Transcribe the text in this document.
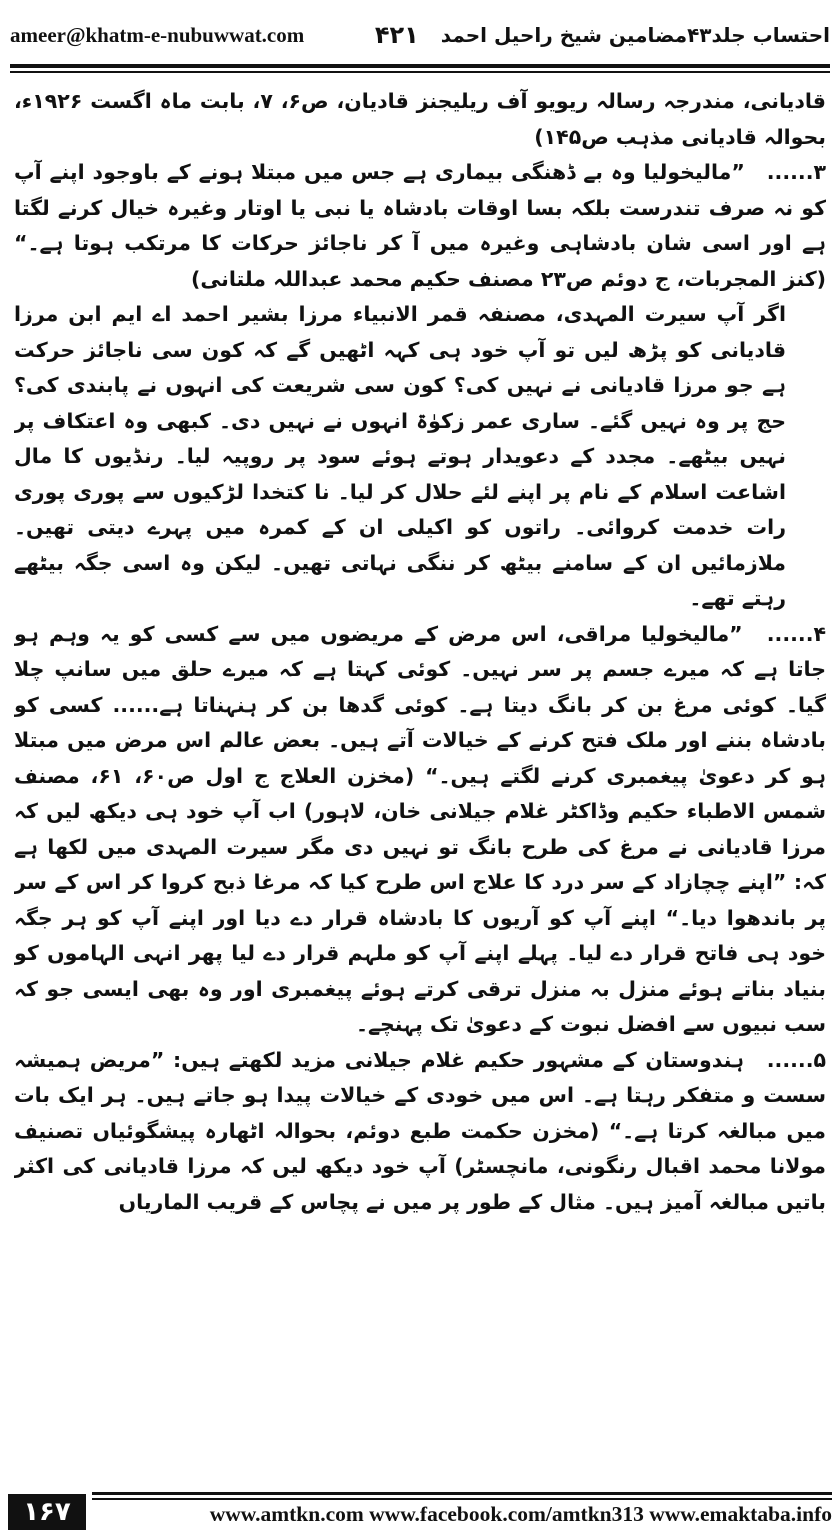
ameer@khatm-e-nubuwwat.com	احتساب جلد۴۳مضامین شیخ راحیل احمد
۴۲۱

قادیانی، مندرجہ رسالہ ریویو آف ریلیجنز قادیان، ص۶، ۷، بابت ماہ اگست ۱۹۲۶ء، بحوالہ قادیانی مذہب ص۱۴۵)

۳...... ”مالیخولیا وہ بے ڈھنگی بیماری ہے جس میں مبتلا ہونے کے باوجود اپنے آپ کو نہ صرف تندرست بلکہ بسا اوقات بادشاہ یا نبی یا اوتار وغیرہ خیال کرنے لگتا ہے اور اسی شان بادشاہی وغیرہ میں آ کر ناجائز حرکات کا مرتکب ہوتا ہے۔“ (کنز المجربات، ج دوئم ص۲۳ مصنف حکیم محمد عبداللہ ملتانی)

اگر آپ سیرت المہدی، مصنفہ قمر الانبیاء مرزا بشیر احمد اے ایم ابن مرزا قادیانی کو پڑھ لیں تو آپ خود ہی کہہ اٹھیں گے کہ کون سی ناجائز حرکت ہے جو مرزا قادیانی نے نہیں کی؟ کون سی شریعت کی انہوں نے پابندی کی؟ حج پر وہ نہیں گئے۔ ساری عمر زکوٰۃ انہوں نے نہیں دی۔ کبھی وہ اعتکاف پر نہیں بیٹھے۔ مجدد کے دعویدار ہوتے ہوئے سود پر روپیہ لیا۔ رنڈیوں کا مال اشاعت اسلام کے نام پر اپنے لئے حلال کر لیا۔ نا کتخدا لڑکیوں سے پوری پوری رات خدمت کروائی۔ راتوں کو اکیلی ان کے کمرہ میں پہرے دیتی تھیں۔ ملازمائیں ان کے سامنے بیٹھ کر ننگی نہاتی تھیں۔ لیکن وہ اسی جگہ بیٹھے رہتے تھے۔

۴...... ”مالیخولیا مراقی، اس مرض کے مریضوں میں سے کسی کو یہ وہم ہو جاتا ہے کہ میرے جسم پر سر نہیں۔ کوئی کہتا ہے کہ میرے حلق میں سانپ چلا گیا۔ کوئی مرغ بن کر بانگ دیتا ہے۔ کوئی گدھا بن کر ہنہناتا ہے...... کسی کو بادشاہ بننے اور ملک فتح کرنے کے خیالات آتے ہیں۔ بعض عالم اس مرض میں مبتلا ہو کر دعویٰ پیغمبری کرنے لگتے ہیں۔“ (مخزن العلاج ج اول ص۶۰، ۶۱، مصنف شمس الاطباء حکیم وڈاکٹر غلام جیلانی خان، لاہور) اب آپ خود ہی دیکھ لیں کہ مرزا قادیانی نے مرغ کی طرح بانگ تو نہیں دی مگر سیرت المہدی میں لکھا ہے کہ: ”اپنے چچازاد کے سر درد کا علاج اس طرح کیا کہ مرغا ذبح کروا کر اس کے سر پر باندھوا دیا۔“ اپنے آپ کو آریوں کا بادشاہ قرار دے دیا اور اپنے آپ کو ہر جگہ خود ہی فاتح قرار دے لیا۔ پہلے اپنے آپ کو ملہم قرار دے لیا پھر انہی الہاموں کو بنیاد بناتے ہوئے منزل بہ منزل ترقی کرتے ہوئے پیغمبری اور وہ بھی ایسی جو کہ سب نبیوں سے افضل نبوت کے دعویٰ تک پہنچے۔

۵...... ہندوستان کے مشہور حکیم غلام جیلانی مزید لکھتے ہیں: ”مریض ہمیشہ سست و متفکر رہتا ہے۔ اس میں خودی کے خیالات پیدا ہو جاتے ہیں۔ ہر ایک بات میں مبالغہ کرتا ہے۔“ (مخزن حکمت طبع دوئم، بحوالہ اٹھارہ پیشگوئیاں تصنیف مولانا محمد اقبال رنگونی، مانچسٹر) آپ خود دیکھ لیں کہ مرزا قادیانی کی اکثر باتیں مبالغہ آمیز ہیں۔ مثال کے طور پر میں نے پچاس کے قریب المارياں

۱۶۷	www.amtkn.com www.facebook.com/amtkn313 www.emaktaba.info
